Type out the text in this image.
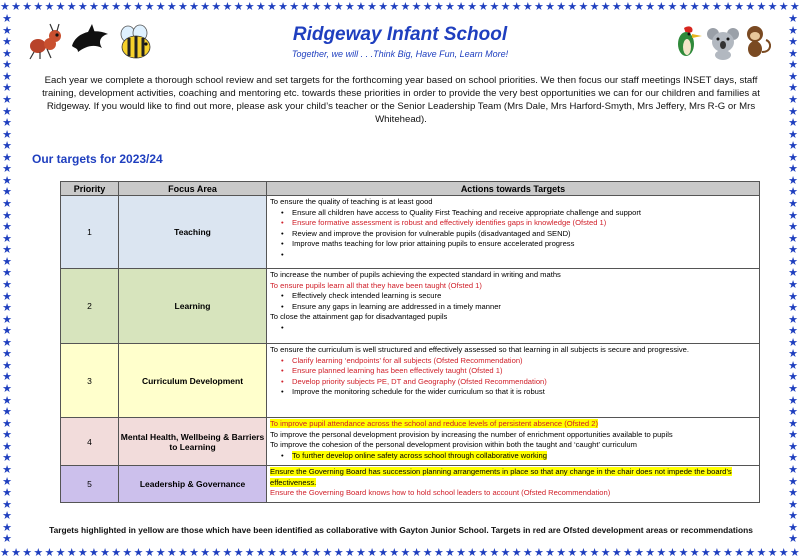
★ ★ ★ ★ ★ ★ ★ ★ ★ ★ ★ ★ ★ ★ ★ ★ ★ ★ ★ ★ ★ ★ ★ ★ ★ ★ ★ ★ ★ ★ ★ ★ ★ ★ ★ ★ ★ ★ ★ ★ ★ ★ ★ ★ ★ ★ ★ ★ ★ ★ ★ ★ ★ ★ ★ ★ ★ ★ ★ ★ ★ ★ ★ ★ ★ ★ ★ ★ ★ ★ ★ ★
★ ★ ★ ★ ★ ★ ★ ★ ★ ★ ★ ★ ★ ★ ★ ★ ★ ★ ★ ★ ★ ★ ★ ★ ★ ★ ★ ★ ★ ★ ★ ★ ★ ★ ★ ★ ★ ★ ★ ★ ★ ★ ★ ★ ★ ★ ★ ★ ★ ★ ★ ★ ★ ★ ★ ★ ★ ★ ★ ★ ★ ★ ★ ★ ★ ★ ★ ★ ★ ★ ★ ★
★
★
★
★
★
★
★
★
★
★
★
★
★
★
★
★
★
★
★
★
★
★
★
★
★
★
★
★
★
★
★
★
★
★
★
★
★
★
★
★
★
★
★
★
★
★
★
★
★
★
★
★
★
★
★
★
★
★
★
★
★
★
★
★
★
★
★
★
★
★
★
★
★
★
★
★
★
★
★
★
★
★
★
★
★
★
★
★
★
★
★
★
Ridgeway Infant School
Together, we will . . .Think Big, Have Fun, Learn More!
Each year we complete a thorough school review and set targets for the forthcoming year based on school priorities. We then focus our staff meetings INSET days, staff training, development activities, coaching and mentoring etc. towards these priorities in order to provide the very best opportunities we can for our children and families at Ridgeway. If you would like to find out more, please ask your child’s teacher or the Senior Leadership Team (Mrs Dale, Mrs Harford-Smyth, Mrs Jeffery, Mrs R-G or Mrs Whitehead).
Our targets for 2023/24
Priority	Focus Area	Actions towards Targets
1	Teaching	To ensure the quality of teaching is at least good
• Ensure all children have access to Quality First Teaching and receive appropriate challenge and support
• Ensure formative assessment is robust and effectively identifies gaps in knowledge (Ofsted 1)
• Review and improve the provision for vulnerable pupils (disadvantaged and SEND)
• Improve maths teaching for low prior attaining pupils to ensure accelerated progress
•

2	Learning	To increase the number of pupils achieving the expected standard in writing and maths
To ensure pupils learn all that they have been taught (Ofsted 1)
• Effectively check intended learning is secure
• Ensure any gaps in learning are addressed in a timely manner
To close the attainment gap for disadvantaged pupils
•

3	Curriculum Development	To ensure the curriculum is well structured and effectively assessed so that learning in all subjects is secure and progressive.
• Clarify learning ‘endpoints’ for all subjects (Ofsted Recommendation)
• Ensure planned learning has been effectively taught (Ofsted 1)
• Develop priority subjects PE, DT and Geography (Ofsted Recommendation)
• Improve the monitoring schedule for the wider curriculum so that it is robust

4	Mental Health, Wellbeing & Barriers to Learning	To improve pupil attendance across the school and reduce levels of persistent absence (Ofsted 2)
To improve the personal development provision by increasing the number of enrichment opportunities available to pupils
To improve the cohesion of the personal development provision within both the taught and ‘caught’ curriculum
• To further develop online safety across school through collaborative working

5	Leadership & Governance	Ensure the Governing Board has succession planning arrangements in place so that any change in the chair does not impede the board’s effectiveness.
Ensure the Governing Board knows how to hold school leaders to account (Ofsted Recommendation)
Targets highlighted in yellow are those which have been identified as collaborative with Gayton Junior School. Targets in red are Ofsted development areas or recommendations
